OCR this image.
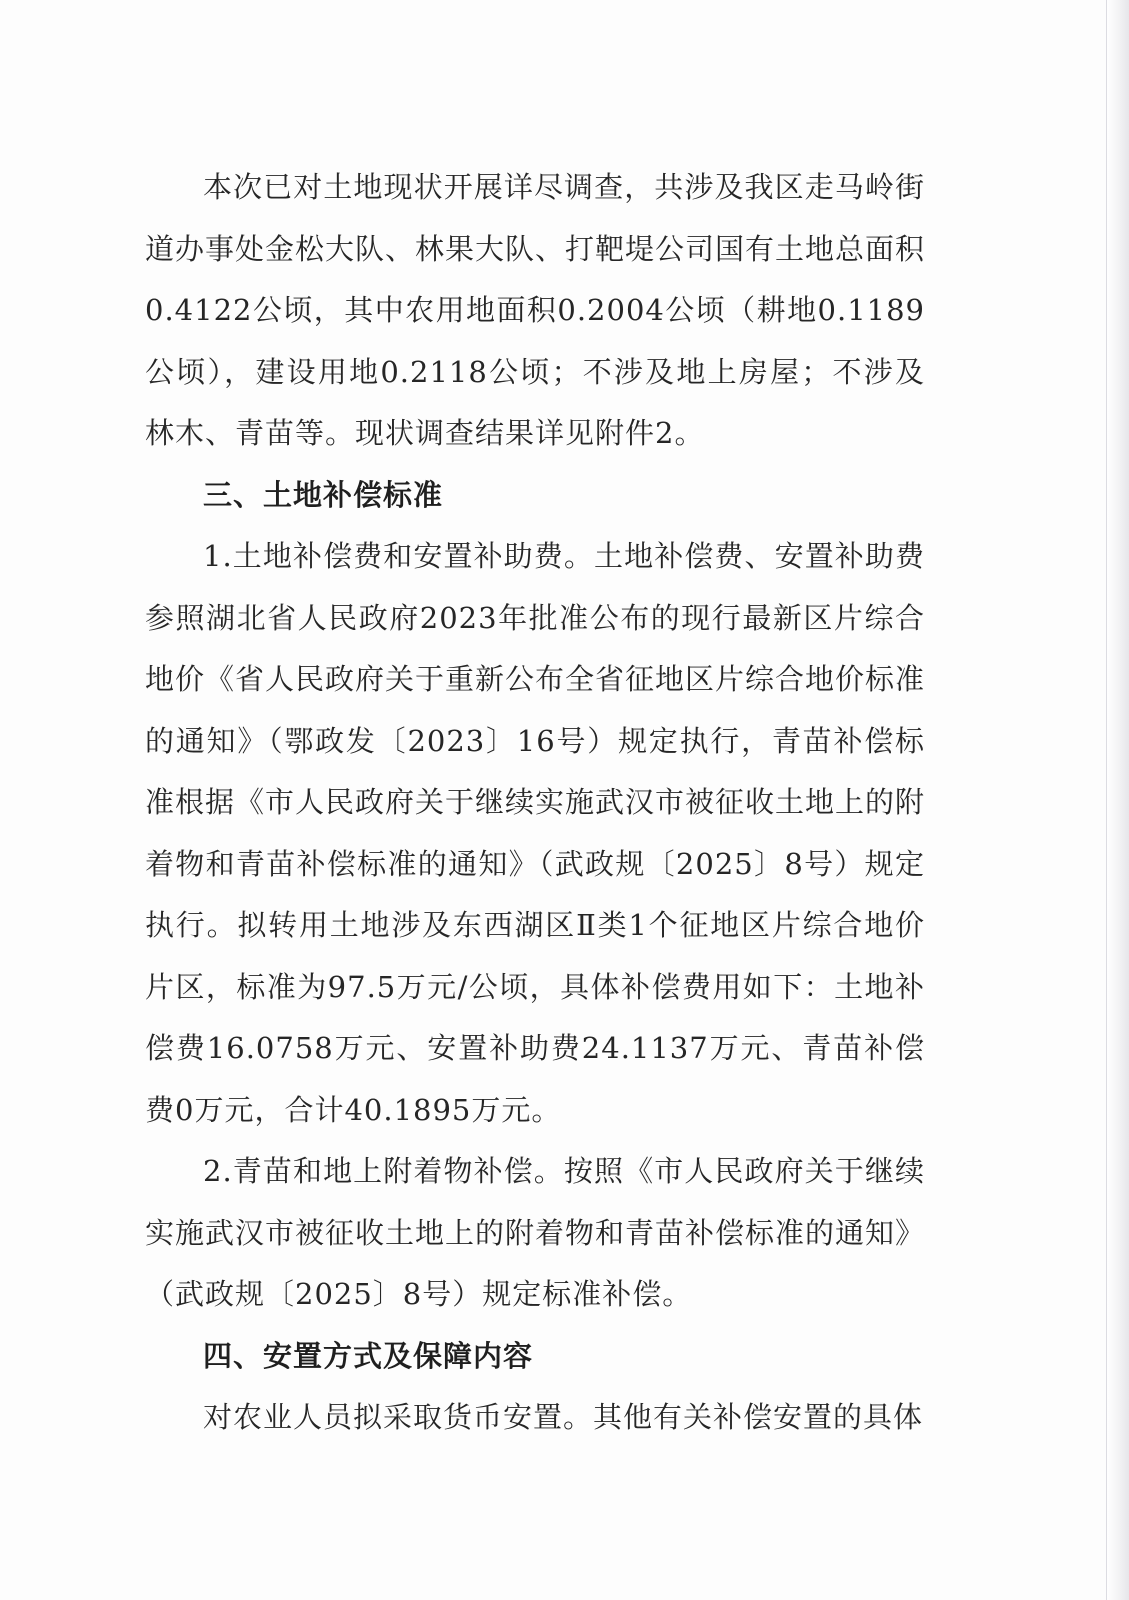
本次已对土地现状开展详尽调查，共涉及我区走马岭街道办事处金松大队、林果大队、打靶堤公司国有土地总面积0.4122公顷，其中农用地面积0.2004公顷（耕地0.1189公顷），建设用地0.2118公顷；不涉及地上房屋；不涉及林木、青苗等。现状调查结果详见附件2。

三、土地补偿标准

1.土地补偿费和安置补助费。土地补偿费、安置补助费参照湖北省人民政府2023年批准公布的现行最新区片综合地价《省人民政府关于重新公布全省征地区片综合地价标准的通知》（鄂政发〔2023〕16号）规定执行，青苗补偿标准根据《市人民政府关于继续实施武汉市被征收土地上的附着物和青苗补偿标准的通知》（武政规〔2025〕8号）规定执行。拟转用土地涉及东西湖区Ⅱ类1个征地区片综合地价片区，标准为97.5万元/公顷，具体补偿费用如下：土地补偿费16.0758万元、安置补助费24.1137万元、青苗补偿费0万元，合计40.1895万元。

2.青苗和地上附着物补偿。按照《市人民政府关于继续实施武汉市被征收土地上的附着物和青苗补偿标准的通知》（武政规〔2025〕8号）规定标准补偿。

四、安置方式及保障内容

对农业人员拟采取货币安置。其他有关补偿安置的具体
